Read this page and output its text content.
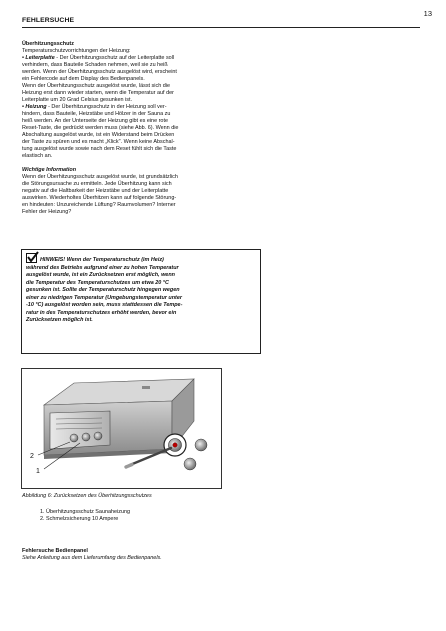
13
FEHLERSUCHE

Überhitzungsschutz

Temperaturschutzvorrichtungen der Heizung:

• Leiterplatte - Der Überhitzungsschutz auf der Leiterplatte soll

verhindern, dass Bauteile Schaden nehmen, weil sie zu heiß

werden. Wenn der Überhitzungsschutz ausgelöst wird, erscheint

ein Fehlercode auf dem Display des Bedienpanels.

Wenn der Überhitzungsschutz ausgelöst wurde, lässt sich die

Heizung erst dann wieder starten, wenn die Temperatur auf der

Leiterplatte um 20 Grad Celsius gesunken ist.

• Heizung - Der Überhitzungsschutz in der Heizung soll ver-

hindern, dass Bauteile, Heizstäbe und Hölzer in der Sauna zu

heiß werden. An der Unterseite der Heizung gibt es eine rote

Reset-Taste, die gedrückt werden muss (siehe Abb. 6). Wenn die

Abschaltung ausgelöst wurde, ist ein Widerstand beim Drücken

der Taste zu spüren und es macht „Klick". Wenn keine Abschal-

tung ausgelöst wurde sowie nach dem Reset fühlt sich die Taste

elastisch an.

Wichtige Information

Wenn der Überhitzungsschutz ausgelöst wurde, ist grundsätzlich

die Störungsursache zu ermitteln. Jede Überhitzung kann sich

negativ auf die Haltbarkeit der Heizstäbe und der Leiterplatte

auswirken. Wiederholtes Überhitzen kann auf folgende Störung-

en hindeuten: Unzureichende Lüftung? Raumvolumen? Interner

Fehler der Heizung?

HINWEIS! Wenn der Temperaturschutz (im Heiz)

während des Betriebs aufgrund einer zu hohen Temperatur

ausgelöst wurde, ist ein Zurücksetzen erst möglich, wenn

die Temperatur des Temperaturschutzes um etwa 20 °C

gesunken ist. Sollte der Temperaturschutz hingegen wegen

einer zu niedrigen Temperatur (Umgebungstemperatur unter

-10 °C) ausgelöst worden sein, muss stattdessen die Tempe-

ratur in des Temperaturschutzes erhöht werden, bevor ein

Zurücksetzen möglich ist.

2
1
Abbildung 6: Zurücksetzen des Überhitzungsschutzes
1. Überhitzungsschutz Saunaheizung
2. Schmelzsicherung 10 Ampere

Fehlersuche Bedienpanel

Siehe Anleitung aus dem Lieferumfang des Bedienpanels.
